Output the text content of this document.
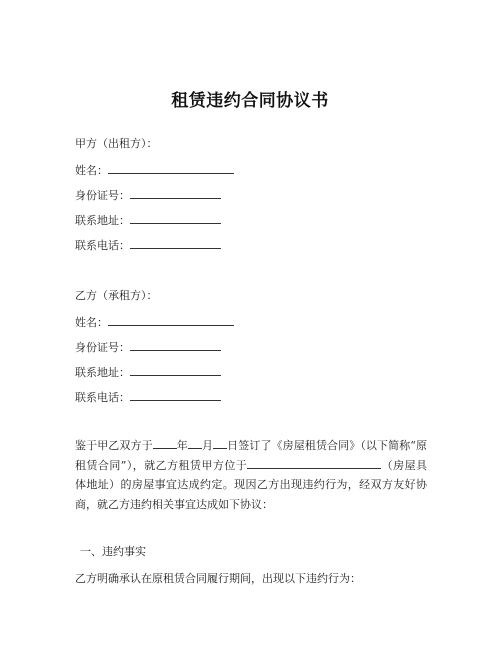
租赁违约合同协议书
甲方（出租方）：
姓名：
身份证号：
联系地址：
联系电话：
乙方（承租方）：
姓名：
身份证号：
联系地址：
联系电话：
鉴于甲乙双方于 年 月 日签订了《房屋租赁合同》（以下简称“原租赁合同”），就乙方租赁甲方位于	（房屋具体地址）的房屋事宜达成约定。现因乙方出现违约行为，经双方友好协商，就乙方违约相关事宜达成如下协议：
一、违约事实
乙方明确承认在原租赁合同履行期间，出现以下违约行为：
